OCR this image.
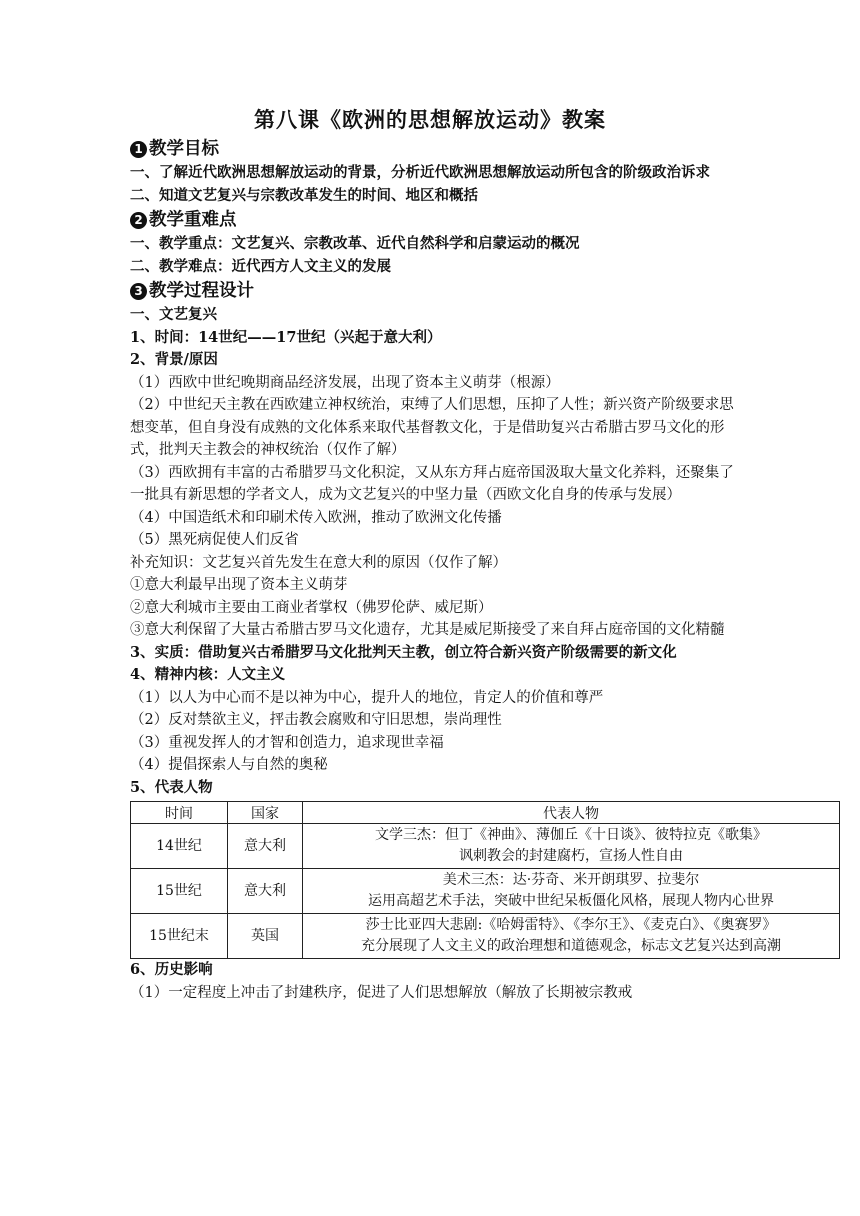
第八课《欧洲的思想解放运动》教案
1 教学目标

一、了解近代欧洲思想解放运动的背景，分析近代欧洲思想解放运动所包含的阶级政治诉求

二、知道文艺复兴与宗教改革发生的时间、地区和概括

2 教学重难点

一、教学重点：文艺复兴、宗教改革、近代自然科学和启蒙运动的概况

二、教学难点：近代西方人文主义的发展

3 教学过程设计

一、文艺复兴

1、时间：14世纪——17世纪（兴起于意大利）

2、背景/原因

（1）西欧中世纪晚期商品经济发展，出现了资本主义萌芽（根源）

（2）中世纪天主教在西欧建立神权统治，束缚了人们思想，压抑了人性；新兴资产阶级要求思想变革，但自身没有成熟的文化体系来取代基督教文化，于是借助复兴古希腊古罗马文化的形式，批判天主教会的神权统治（仅作了解）

（3）西欧拥有丰富的古希腊罗马文化积淀，又从东方拜占庭帝国汲取大量文化养料，还聚集了一批具有新思想的学者文人，成为文艺复兴的中坚力量（西欧文化自身的传承与发展）

（4）中国造纸术和印刷术传入欧洲，推动了欧洲文化传播

（5）黑死病促使人们反省

补充知识：文艺复兴首先发生在意大利的原因（仅作了解）

①意大利最早出现了资本主义萌芽

②意大利城市主要由工商业者掌权（佛罗伦萨、威尼斯）

③意大利保留了大量古希腊古罗马文化遗存，尤其是威尼斯接受了来自拜占庭帝国的文化精髓

3、实质：借助复兴古希腊罗马文化批判天主教，创立符合新兴资产阶级需要的新文化

4、精神内核：人文主义

（1）以人为中心而不是以神为中心，提升人的地位，肯定人的价值和尊严

（2）反对禁欲主义，抨击教会腐败和守旧思想，崇尚理性

（3）重视发挥人的才智和创造力，追求现世幸福

（4）提倡探索人与自然的奥秘

5、代表人物

时间	国家	代表人物
14世纪	意大利	文学三杰：但丁《神曲》、薄伽丘《十日谈》、彼特拉克《歌集》
讽刺教会的封建腐朽，宣扬人性自由

15世纪	意大利	美术三杰：达·芬奇、米开朗琪罗、拉斐尔
运用高超艺术手法，突破中世纪呆板僵化风格，展现人物内心世界

15世纪末	英国	莎士比亚四大悲剧:《哈姆雷特》、《李尔王》、《麦克白》、《奥赛罗》
充分展现了人文主义的政治理想和道德观念，标志文艺复兴达到高潮

6、历史影响

（1）一定程度上冲击了封建秩序，促进了人们思想解放（解放了长期被宗教戒
